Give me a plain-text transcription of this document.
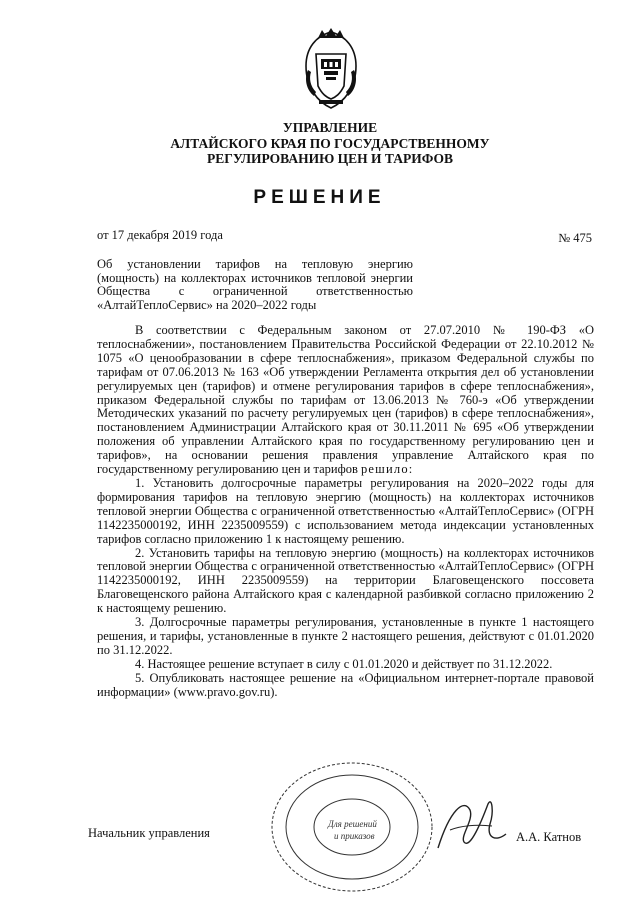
УПРАВЛЕНИЕ
АЛТАЙСКОГО КРАЯ ПО ГОСУДАРСТВЕННОМУ
РЕГУЛИРОВАНИЮ ЦЕН И ТАРИФОВ
РЕШЕНИЕ
от 17 декабря 2019 года	№ 475
Об установлении тарифов на тепловую энергию (мощность) на коллекторах источников тепловой энергии Общества с ограниченной ответственностью «АлтайТеплоСервис» на 2020–2022 годы

В соответствии с Федеральным законом от 27.07.2010 № 190-ФЗ «О теплоснабжении», постановлением Правительства Российской Федерации от 22.10.2012 № 1075 «О ценообразовании в сфере теплоснабжения», приказом Федеральной службы по тарифам от 07.06.2013 № 163 «Об утверждении Регламента открытия дел об установлении регулируемых цен (тарифов) и отмене регулирования тарифов в сфере теплоснабжения», приказом Федеральной службы по тарифам от 13.06.2013 № 760-э «Об утверждении Методических указаний по расчету регулируемых цен (тарифов) в сфере теплоснабжения», постановлением Администрации Алтайского края от 30.11.2011 № 695 «Об утверждении положения об управлении Алтайского края по государственному регулированию цен и тарифов», на основании решения правления управление Алтайского края по государственному регулированию цен и тарифов решило:

1. Установить долгосрочные параметры регулирования на 2020–2022 годы для формирования тарифов на тепловую энергию (мощность) на коллекторах источников тепловой энергии Общества с ограниченной ответственностью «АлтайТеплоСервис» (ОГРН 1142235000192, ИНН 2235009559) с использованием метода индексации установленных тарифов согласно приложению 1 к настоящему решению.

2. Установить тарифы на тепловую энергию (мощность) на коллекторах источников тепловой энергии Общества с ограниченной ответственностью «АлтайТеплоСервис» (ОГРН 1142235000192, ИНН 2235009559) на территории Благовещенского поссовета Благовещенского района Алтайского края с календарной разбивкой согласно приложению 2 к настоящему решению.

3. Долгосрочные параметры регулирования, установленные в пункте 1 настоящего решения, и тарифы, установленные в пункте 2 настоящего решения, действуют с 01.01.2020 по 31.12.2022.

4. Настоящее решение вступает в силу с 01.01.2020 и действует по 31.12.2022.

5. Опубликовать настоящее решение на «Официальном интернет-портале правовой информации» (www.pravo.gov.ru).

Для решений
и приказов
Начальник управления	А.А. Катнов
